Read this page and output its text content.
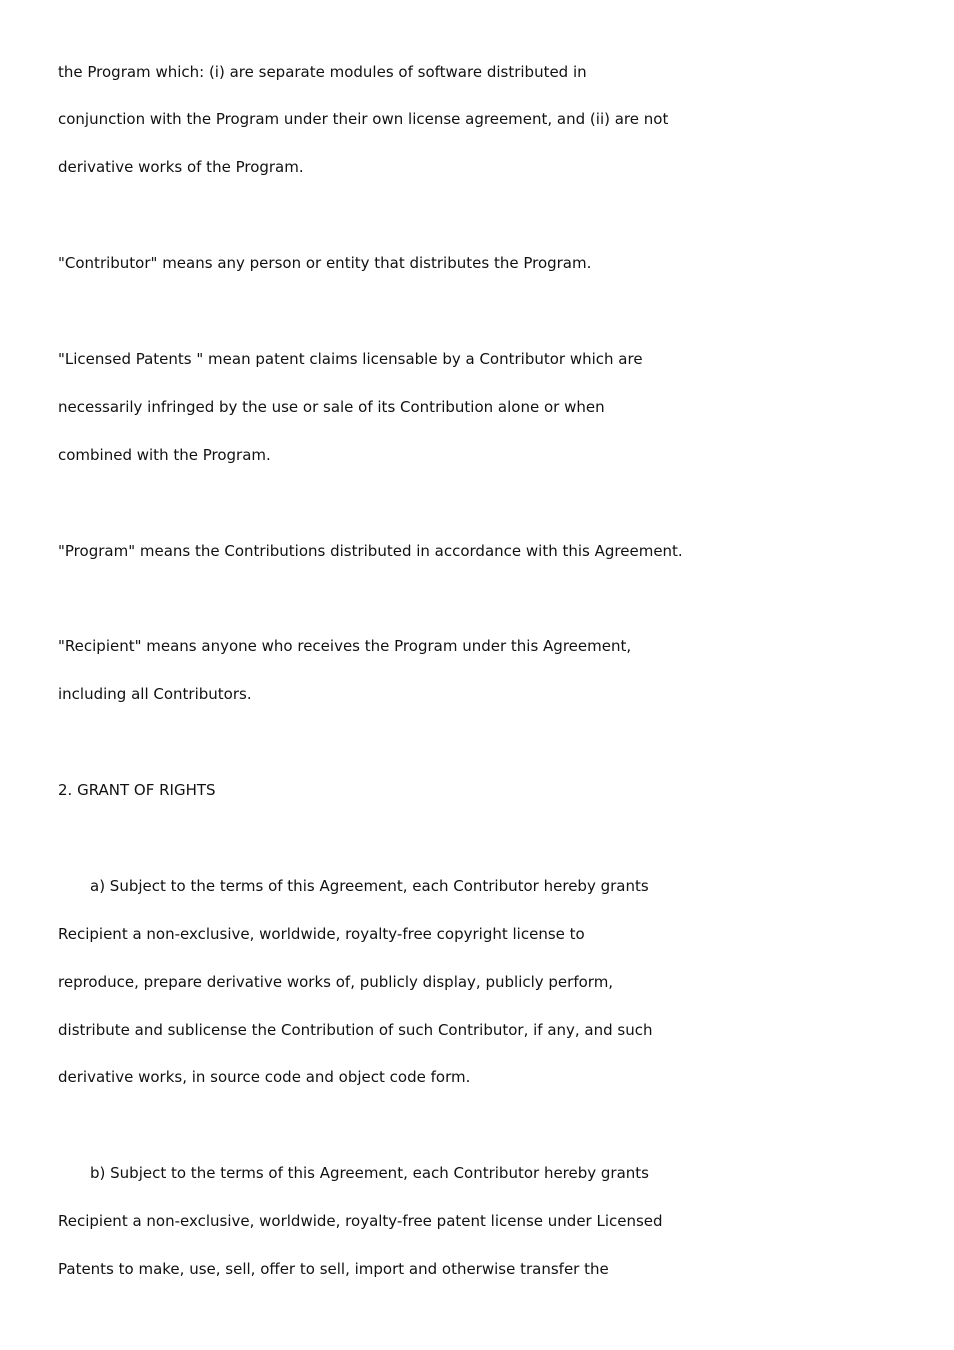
the Program which: (i) are separate modules of software distributed in
conjunction with the Program under their own license agreement, and (ii) are not
derivative works of the Program.
"Contributor" means any person or entity that distributes the Program.
"Licensed Patents " mean patent claims licensable by a Contributor which are
necessarily infringed by the use or sale of its Contribution alone or when
combined with the Program.
"Program" means the Contributions distributed in accordance with this Agreement.
"Recipient" means anyone who receives the Program under this Agreement,
including all Contributors.
2. GRANT OF RIGHTS
a) Subject to the terms of this Agreement, each Contributor hereby grants
Recipient a non-exclusive, worldwide, royalty-free copyright license to
reproduce, prepare derivative works of, publicly display, publicly perform,
distribute and sublicense the Contribution of such Contributor, if any, and such
derivative works, in source code and object code form.
b) Subject to the terms of this Agreement, each Contributor hereby grants
Recipient a non-exclusive, worldwide, royalty-free patent license under Licensed
Patents to make, use, sell, offer to sell, import and otherwise transfer the
